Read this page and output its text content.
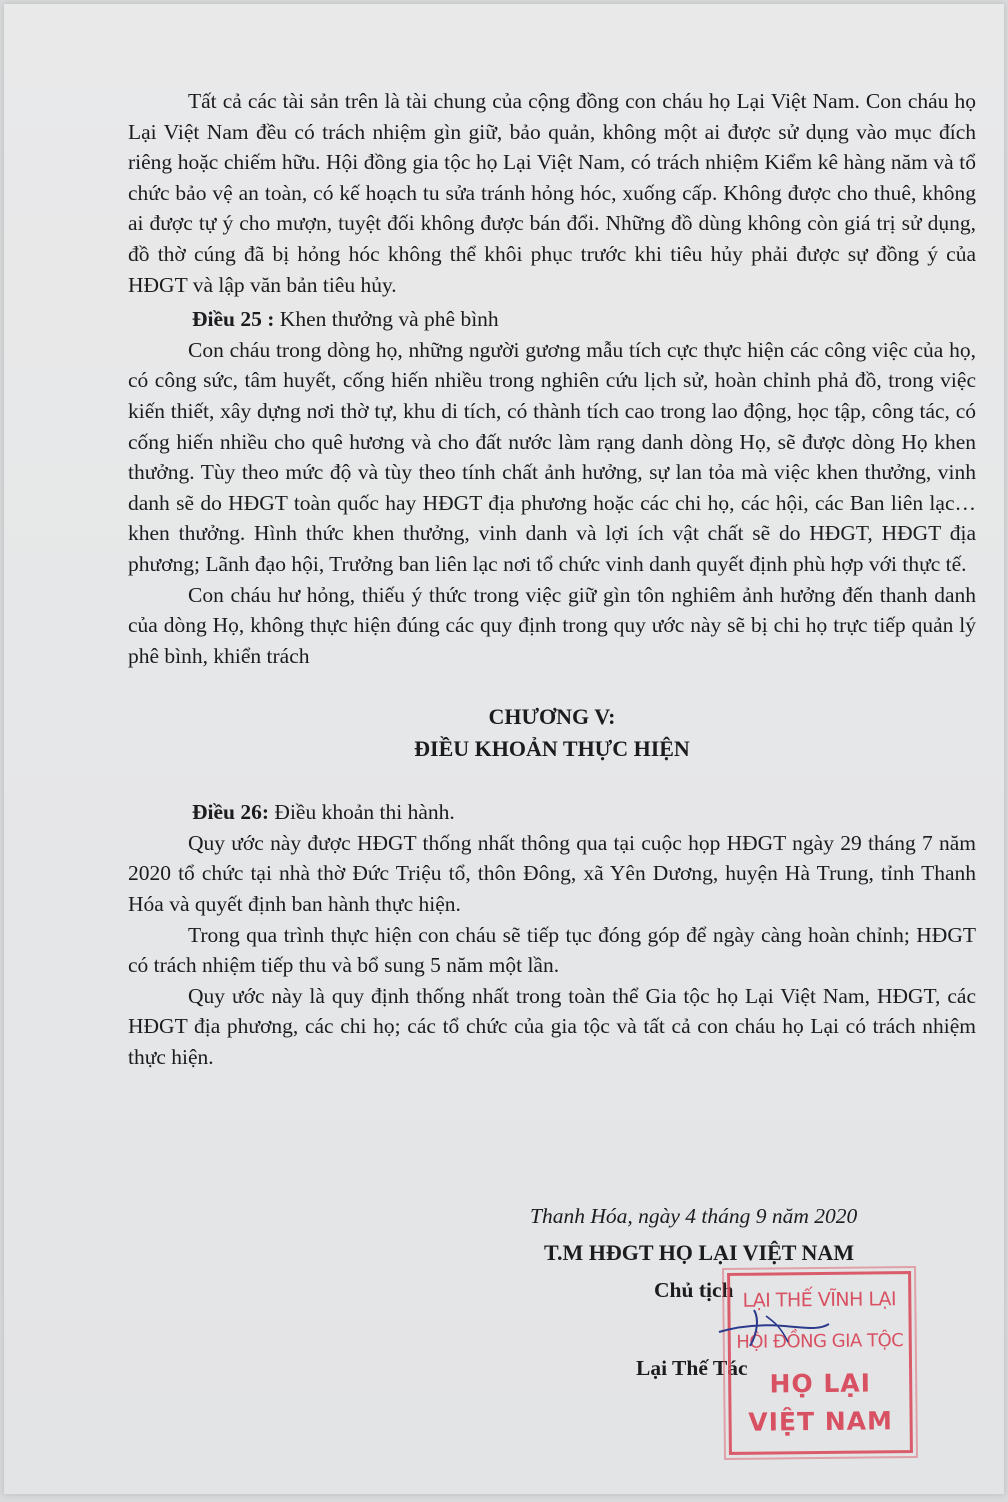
Tất cả các tài sản trên là tài chung của cộng đồng con cháu họ Lại Việt Nam. Con cháu họ Lại Việt Nam đều có trách nhiệm gìn giữ, bảo quản, không một ai được sử dụng vào mục đích riêng hoặc chiếm hữu. Hội đồng gia tộc họ Lại Việt Nam, có trách nhiệm Kiểm kê hàng năm và tổ chức bảo vệ an toàn, có kế hoạch tu sửa tránh hỏng hóc, xuống cấp. Không được cho thuê, không ai được tự ý cho mượn, tuyệt đối không được bán đổi. Những đồ dùng không còn giá trị sử dụng, đồ thờ cúng đã bị hỏng hóc không thể khôi phục trước khi tiêu hủy phải được sự đồng ý của HĐGT và lập văn bản tiêu hủy.

Điều 25 : Khen thưởng và phê bình

Con cháu trong dòng họ, những người gương mẫu tích cực thực hiện các công việc của họ, có công sức, tâm huyết, cống hiến nhiều trong nghiên cứu lịch sử, hoàn chỉnh phả đồ, trong việc kiến thiết, xây dựng nơi thờ tự, khu di tích, có thành tích cao trong lao động, học tập, công tác, có cống hiến nhiều cho quê hương và cho đất nước làm rạng danh dòng Họ, sẽ được dòng Họ khen thưởng. Tùy theo mức độ và tùy theo tính chất ảnh hưởng, sự lan tỏa mà việc khen thưởng, vinh danh sẽ do HĐGT toàn quốc hay HĐGT địa phương hoặc các chi họ, các hội, các Ban liên lạc… khen thưởng. Hình thức khen thưởng, vinh danh và lợi ích vật chất sẽ do HĐGT, HĐGT địa phương; Lãnh đạo hội, Trưởng ban liên lạc nơi tổ chức vinh danh quyết định phù hợp với thực tế.

Con cháu hư hỏng, thiếu ý thức trong việc giữ gìn tôn nghiêm ảnh hưởng đến thanh danh của dòng Họ, không thực hiện đúng các quy định trong quy ước này sẽ bị chi họ trực tiếp quản lý phê bình, khiển trách

CHƯƠNG V:
ĐIỀU KHOẢN THỰC HIỆN

Điều 26: Điều khoản thi hành.

Quy ước này được HĐGT thống nhất thông qua tại cuộc họp HĐGT ngày 29 tháng 7 năm 2020 tổ chức tại nhà thờ Đức Triệu tổ, thôn Đông, xã Yên Dương, huyện Hà Trung, tỉnh Thanh Hóa và quyết định ban hành thực hiện.

Trong qua trình thực hiện con cháu sẽ tiếp tục đóng góp để ngày càng hoàn chỉnh; HĐGT có trách nhiệm tiếp thu và bổ sung 5 năm một lần.

Quy ước này là quy định thống nhất trong toàn thể Gia tộc họ Lại Việt Nam, HĐGT, các HĐGT địa phương, các chi họ; các tổ chức của gia tộc và tất cả con cháu họ Lại có trách nhiệm thực hiện.

Thanh Hóa, ngày 4 tháng 9 năm 2020
T.M HĐGT HỌ LẠI VIỆT NAM
Chủ tịch
Lại Thế Tác
LẠI THẾ VĨNH LẠI
HỘI ĐỒNG GIA TỘC
HỌ LẠI
VIỆT NAM
